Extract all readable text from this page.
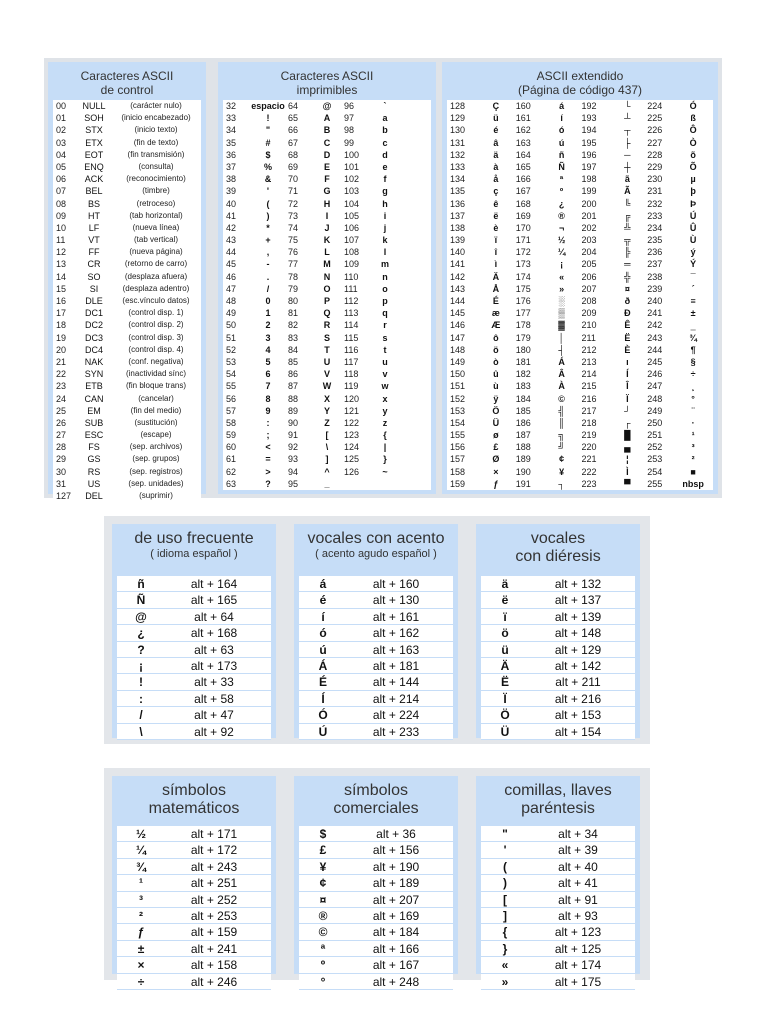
Caracteres ASCII
de control
00	NULL	(carácter nulo)
01	SOH	(inicio encabezado)
02	STX	(inicio texto)
03	ETX	(fin de texto)
04	EOT	(fin transmisión)
05	ENQ	(consulta)
06	ACK	(reconocimiento)
07	BEL	(timbre)
08	BS	(retroceso)
09	HT	(tab horizontal)
10	LF	(nueva línea)
11	VT	(tab vertical)
12	FF	(nueva página)
13	CR	(retorno de carro)
14	SO	(desplaza afuera)
15	SI	(desplaza adentro)
16	DLE	(esc.vínculo datos)
17	DC1	(control disp. 1)
18	DC2	(control disp. 2)
19	DC3	(control disp. 3)
20	DC4	(control disp. 4)
21	NAK	(conf. negativa)
22	SYN	(inactividad sínc)
23	ETB	(fin bloque trans)
24	CAN	(cancelar)
25	EM	(fin del medio)
26	SUB	(sustitución)
27	ESC	(escape)
28	FS	(sep. archivos)
29	GS	(sep. grupos)
30	RS	(sep. registros)
31	US	(sep. unidades)
127	DEL	(suprimir)
Caracteres ASCII
imprimibles
32	espacio 64	@	96	`
33	!	65	A	97	a
34	"	66	B	98	b
35	#	67	C	99	c
36	$	68	D	100	d
37	%	69	E	101	e
38	&	70	F	102	f
39	'	71	G	103	g
40	(	72	H	104	h
41	)	73	I	105	i
42	*	74	J	106	j
43	+	75	K	107	k
44	,	76	L	108	l
45	-	77	M	109	m
46	.	78	N	110	n
47	/	79	O	111	o
48	0	80	P	112	p
49	1	81	Q	113	q
50	2	82	R	114	r
51	3	83	S	115	s
52	4	84	T	116	t
53	5	85	U	117	u
54	6	86	V	118	v
55	7	87	W	119	w
56	8	88	X	120	x
57	9	89	Y	121	y
58	:	90	Z	122	z
59	;	91	[	123	{
60	<	92	\	124	|
61	=	93	]	125	}
62	>	94	^	126	~
63	?	95	_
ASCII extendido
(Página de código 437)
128	Ç	160	á	192	└	224	Ó
129	ü	161	í	193	┴	225	ß
130	é	162	ó	194	┬	226	Ô
131	â	163	ú	195	├	227	Ò
132	ä	164	ñ	196	─	228	õ
133	à	165	Ñ	197	┼	229	Õ
134	å	166	ª	198	ã	230	µ
135	ç	167	º	199	Ã	231	þ
136	ê	168	¿	200	╚	232	Þ
137	ë	169	®	201	╔	233	Ú
138	è	170	¬	202	╩	234	Û
139	ï	171	½	203	╦	235	Ù
140	î	172	¼	204	╠	236	ý
141	ì	173	¡	205	═	237	Ý
142	Ä	174	«	206	╬	238	¯
143	Å	175	»	207	¤	239	´
144	É	176	░	208	ð	240	≡
145	æ	177	▒	209	Ð	241	±
146	Æ	178	▓	210	Ê	242	‗
147	ô	179	│	211	Ë	243	¾
148	ö	180	┤	212	È	244	¶
149	ò	181	Á	213	ı	245	§
150	û	182	Â	214	Í	246	÷
151	ù	183	À	215	Î	247	¸
152	ÿ	184	©	216	Ï	248	°
153	Ö	185	╣	217	┘	249	¨
154	Ü	186	║	218	┌	250	·
155	ø	187	╗	219	█	251	¹
156	£	188	╝	220	▄	252	³
157	Ø	189	¢	221	¦	253	²
158	×	190	¥	222	Ì	254	■
159	ƒ	191	┐	223	▀	255	nbsp
de uso frecuente
( idioma español )
ñ	alt + 164
Ñ	alt + 165
@	alt + 64
¿	alt + 168
?	alt + 63
¡	alt + 173
!	alt + 33
:	alt + 58
/	alt + 47
\	alt + 92
vocales con acento
( acento agudo español )
á	alt + 160
é	alt + 130
í	alt + 161
ó	alt + 162
ú	alt + 163
Á	alt + 181
É	alt + 144
Í	alt + 214
Ó	alt + 224
Ú	alt + 233
vocales
con diéresis
ä	alt + 132
ë	alt + 137
ï	alt + 139
ö	alt + 148
ü	alt + 129
Ä	alt + 142
Ë	alt + 211
Ï	alt + 216
Ö	alt + 153
Ü	alt + 154
símbolos
matemáticos
½	alt + 171
¼	alt + 172
¾	alt + 243
¹	alt + 251
³	alt + 252
²	alt + 253
ƒ	alt + 159
±	alt + 241
×	alt + 158
÷	alt + 246
símbolos
comerciales
$	alt + 36
£	alt + 156
¥	alt + 190
¢	alt + 189
¤	alt + 207
®	alt + 169
©	alt + 184
ª	alt + 166
º	alt + 167
°	alt + 248
comillas, llaves
paréntesis
"	alt + 34
'	alt + 39
(	alt + 40
)	alt + 41
[	alt + 91
]	alt + 93
{	alt + 123
}	alt + 125
«	alt + 174
»	alt + 175
